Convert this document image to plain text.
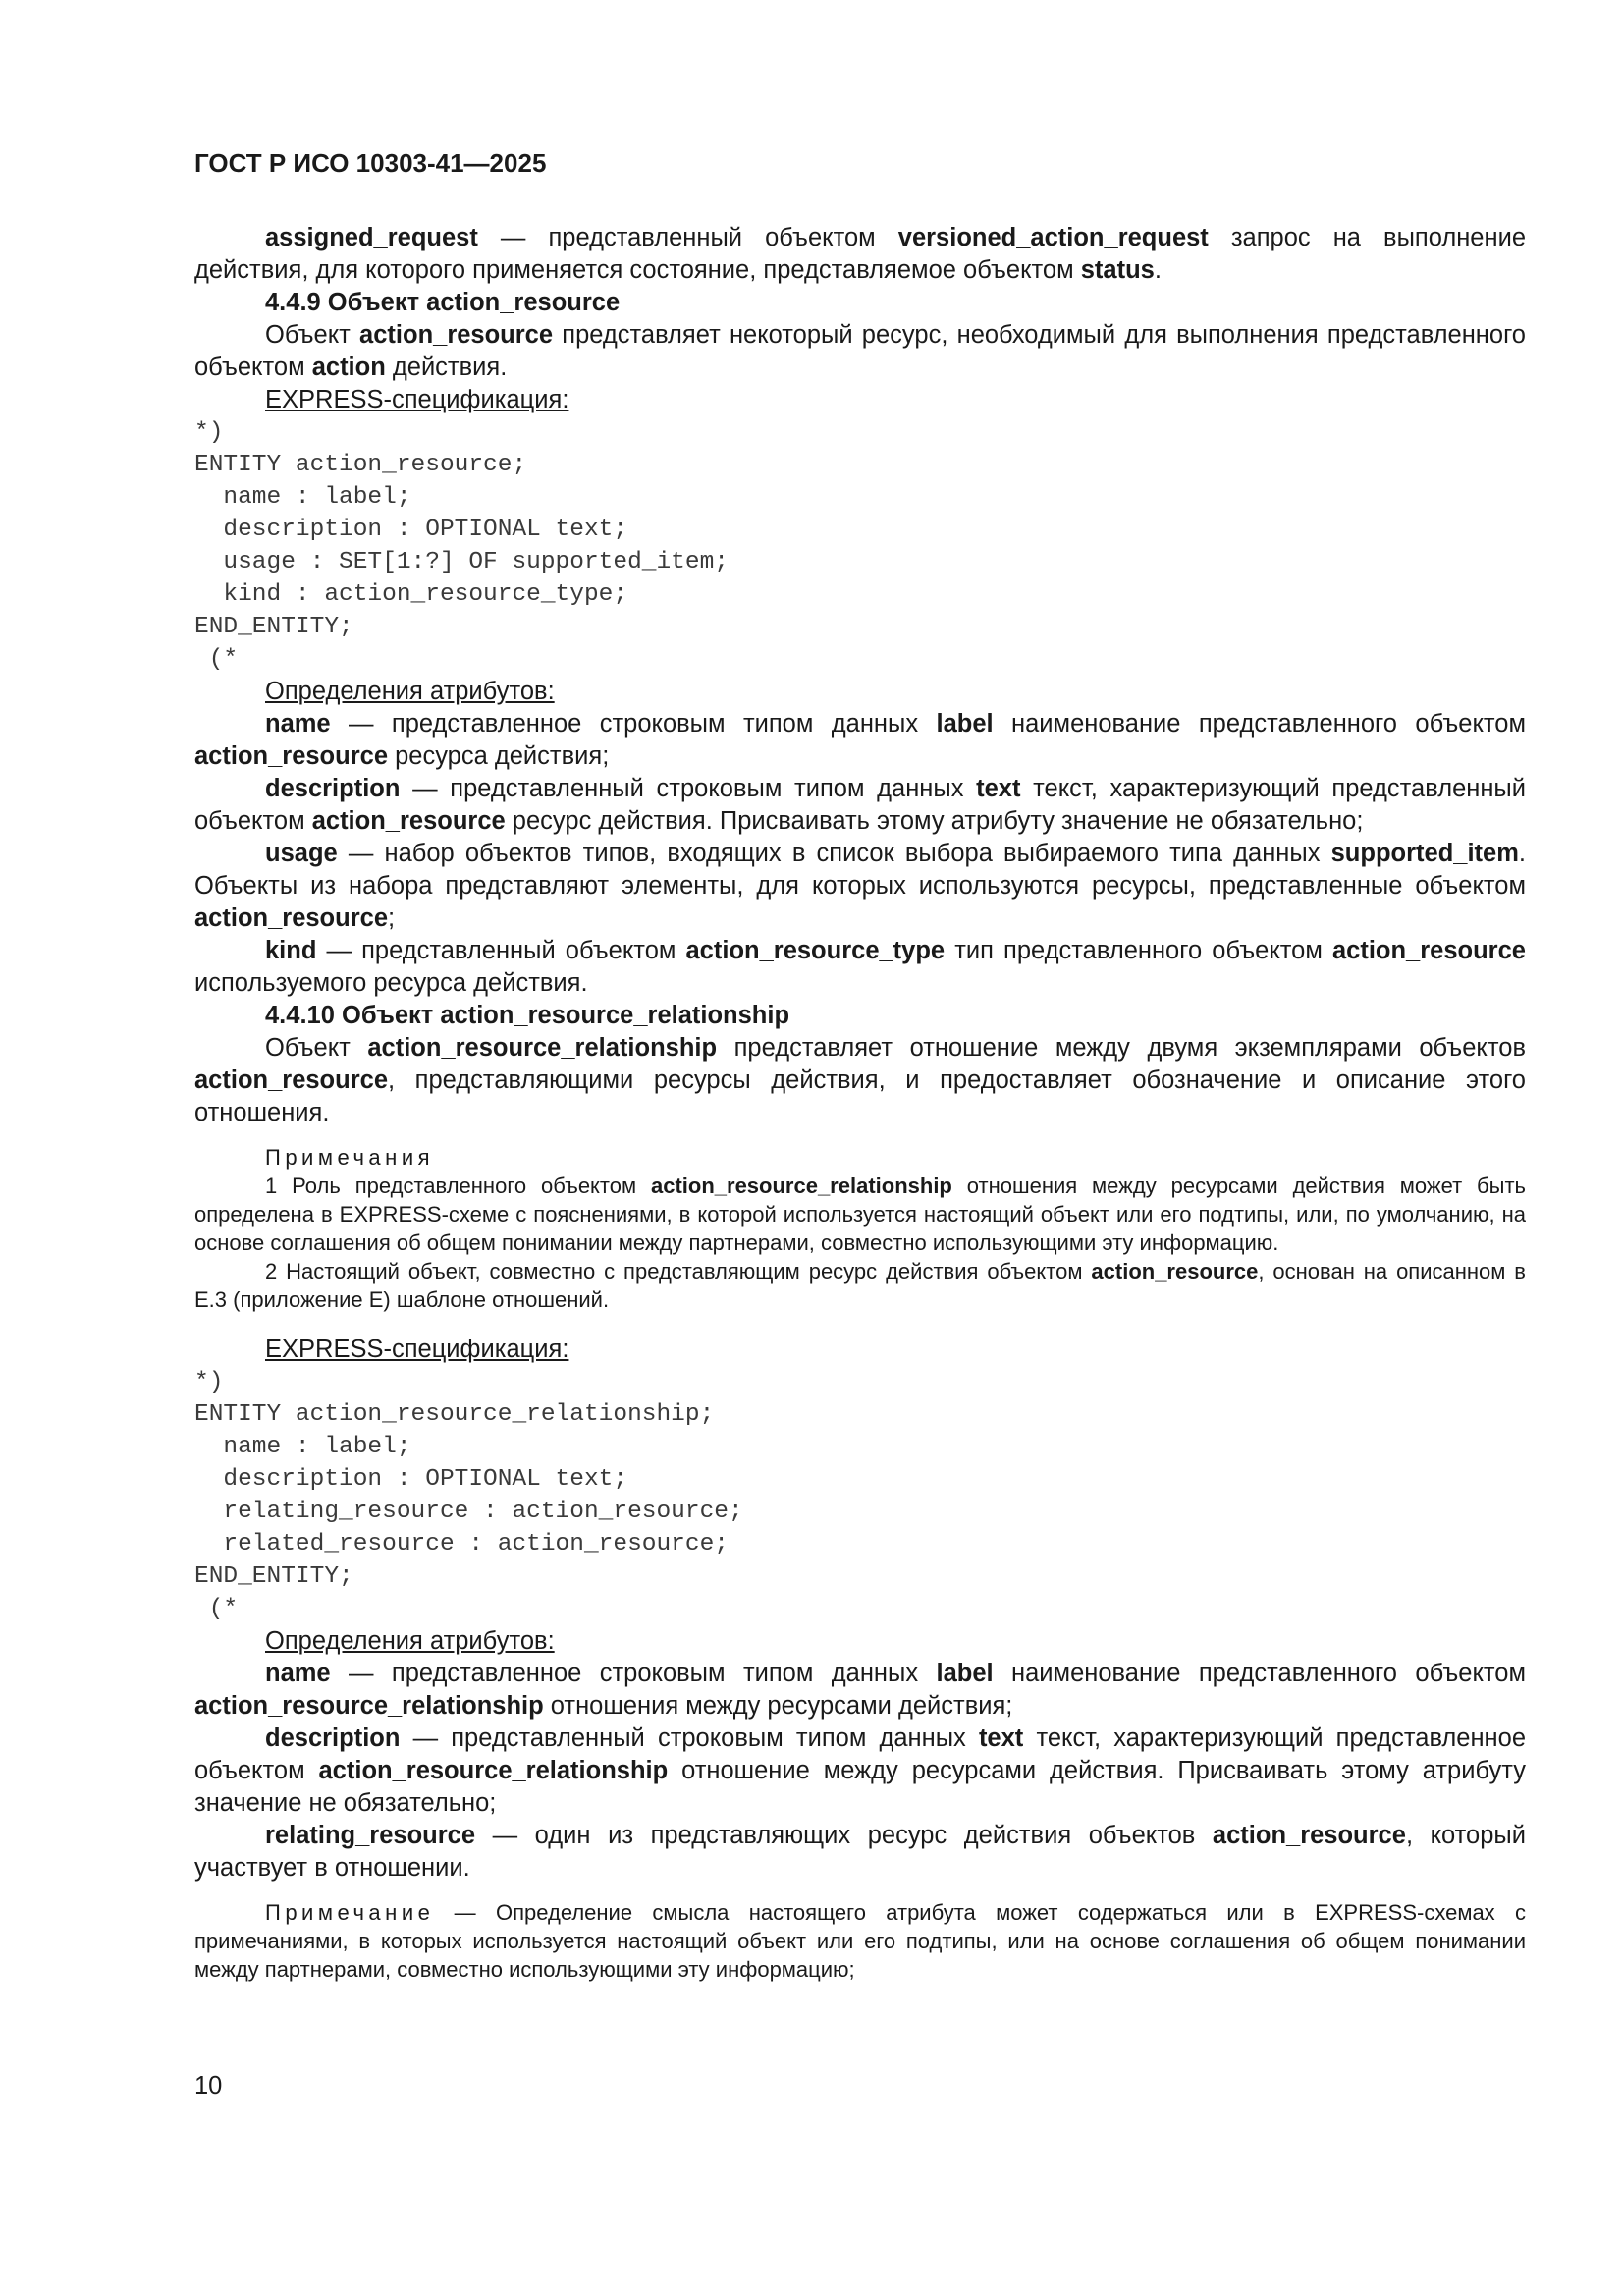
ГОСТ Р ИСО 10303-41—2025

assigned_request — представленный объектом versioned_action_request запрос на выполнение действия, для которого применяется состояние, представляемое объектом status.

4.4.9 Объект action_resource

Объект action_resource представляет некоторый ресурс, необходимый для выполнения представленного объектом action действия.

EXPRESS-спецификация:

*)
ENTITY action_resource;
name : label;
description : OPTIONAL text;
usage : SET[1:?] OF supported_item;
kind : action_resource_type;
END_ENTITY;
(*

Определения атрибутов:

name — представленное строковым типом данных label наименование представленного объектом action_resource ресурса действия;

description — представленный строковым типом данных text текст, характеризующий представленный объектом action_resource ресурс действия. Присваивать этому атрибуту значение не обязательно;

usage — набор объектов типов, входящих в список выбора выбираемого типа данных supported_item. Объекты из набора представляют элементы, для которых используются ресурсы, представленные объектом action_resource;

kind — представленный объектом action_resource_type тип представленного объектом action_resource используемого ресурса действия.

4.4.10 Объект action_resource_relationship

Объект action_resource_relationship представляет отношение между двумя экземплярами объектов action_resource, представляющими ресурсы действия, и предоставляет обозначение и описание этого отношения.

Примечания

1 Роль представленного объектом action_resource_relationship отношения между ресурсами действия может быть определена в EXPRESS-схеме с пояснениями, в которой используется настоящий объект или его подтипы, или, по умолчанию, на основе соглашения об общем понимании между партнерами, совместно использующими эту информацию.

2 Настоящий объект, совместно с представляющим ресурс действия объектом action_resource, основан на описанном в Е.3 (приложение Е) шаблоне отношений.

EXPRESS-спецификация:

*)
ENTITY action_resource_relationship;
name : label;
description : OPTIONAL text;
relating_resource : action_resource;
related_resource : action_resource;
END_ENTITY;
(*

Определения атрибутов:

name — представленное строковым типом данных label наименование представленного объектом action_resource_relationship отношения между ресурсами действия;

description — представленный строковым типом данных text текст, характеризующий представленное объектом action_resource_relationship отношение между ресурсами действия. Присваивать этому атрибуту значение не обязательно;

relating_resource — один из представляющих ресурс действия объектов action_resource, который участвует в отношении.

Примечание — Определение смысла настоящего атрибута может содержаться или в EXPRESS-схемах с примечаниями, в которых используется настоящий объект или его подтипы, или на основе соглашения об общем понимании между партнерами, совместно использующими эту информацию;

10
